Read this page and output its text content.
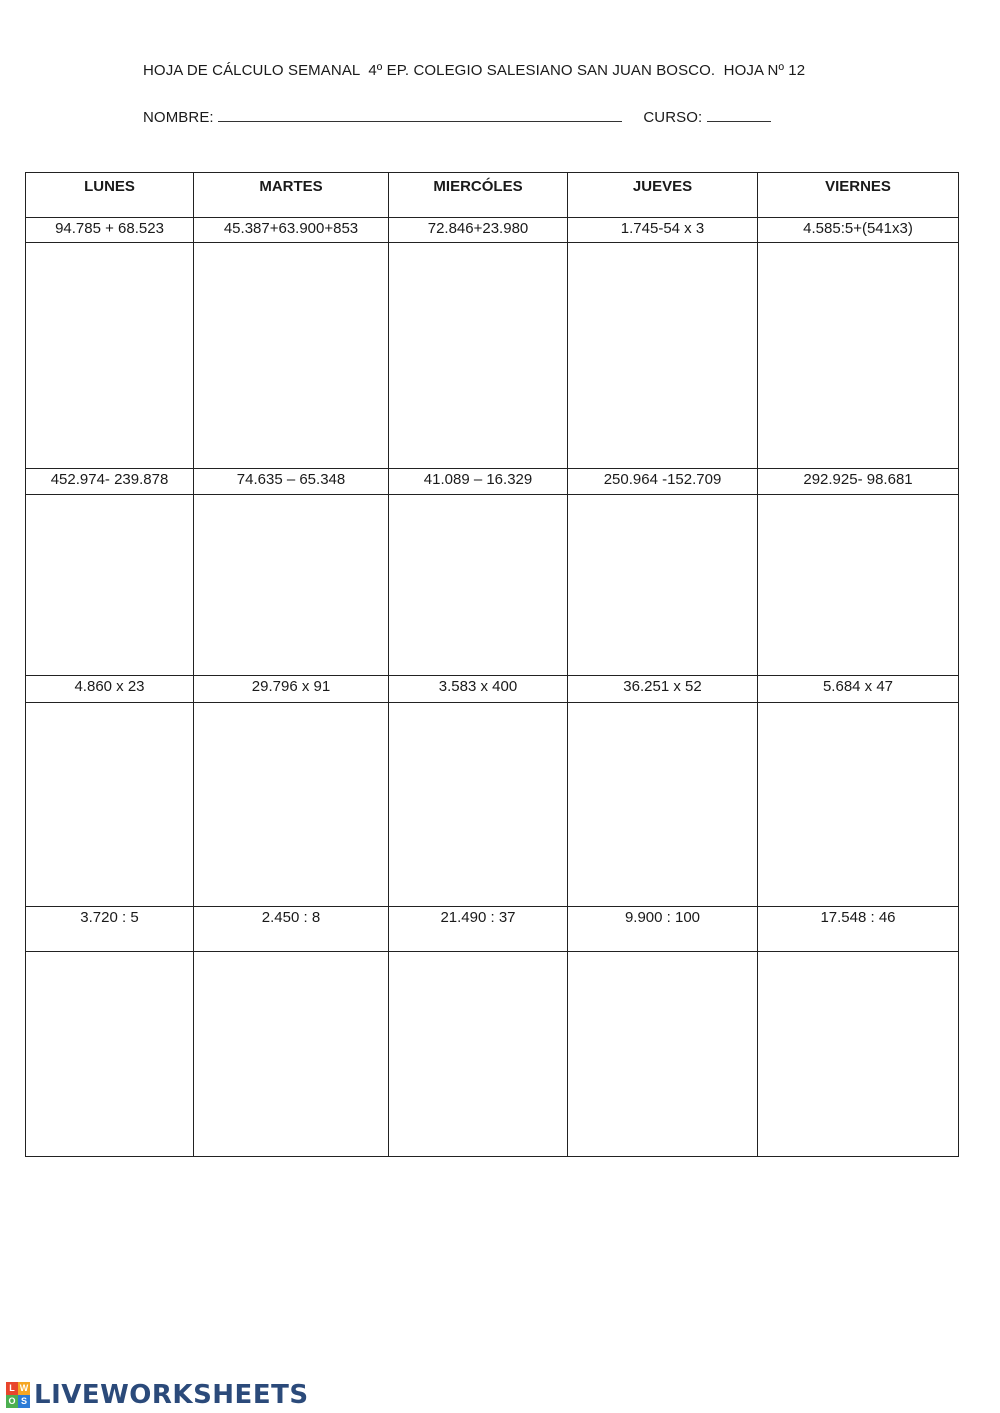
HOJA DE CÁLCULO SEMANAL  4º EP. COLEGIO SALESIANO SAN JUAN BOSCO.  HOJA Nº 12
NOMBRE:	CURSO:
LUNES	MARTES	MIERCÓLES	JUEVES	VIERNES
94.785 + 68.523	45.387+63.900+853	72.846+23.980	1.745-54 x 3	4.585:5+(541x3)

452.974- 239.878	74.635 – 65.348	41.089 – 16.329	250.964 -152.709	292.925- 98.681

4.860 x 23	29.796 x 91	3.583 x 400	36.251 x 52	5.684 x 47

3.720 : 5	2.450 : 8	21.490 : 37	9.900 : 100	17.548 : 46

L W
O S LIVEWORKSHEETS
